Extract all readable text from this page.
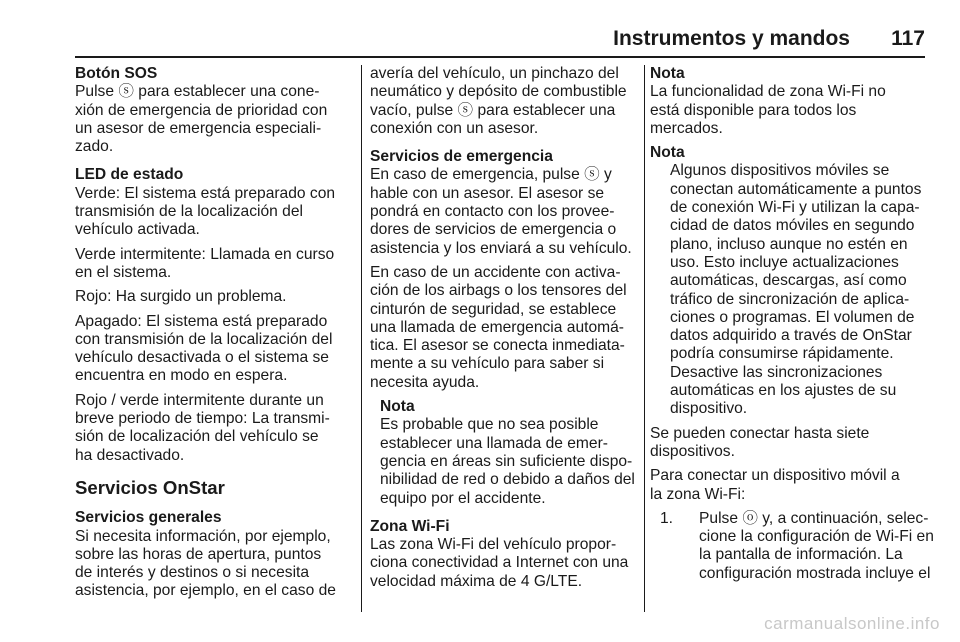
Instrumentos y mandos 117
Botón SOS
Pulse ⓢ para establecer una cone-
xión de emergencia de prioridad con
un asesor de emergencia especiali-
zado.
LED de estado
Verde: El sistema está preparado con
transmisión de la localización del
vehículo activada.
Verde intermitente: Llamada en curso
en el sistema.
Rojo: Ha surgido un problema.
Apagado: El sistema está preparado
con transmisión de la localización del
vehículo desactivada o el sistema se
encuentra en modo en espera.
Rojo / verde intermitente durante un
breve periodo de tiempo: La transmi-
sión de localización del vehículo se
ha desactivado.
Servicios OnStar
Servicios generales
Si necesita información, por ejemplo,
sobre las horas de apertura, puntos
de interés y destinos o si necesita
asistencia, por ejemplo, en el caso de
avería del vehículo, un pinchazo del
neumático y depósito de combustible
vacío, pulse ⓢ para establecer una
conexión con un asesor.
Servicios de emergencia
En caso de emergencia, pulse ⓢ y
hable con un asesor. El asesor se
pondrá en contacto con los provee-
dores de servicios de emergencia o
asistencia y los enviará a su vehículo.
En caso de un accidente con activa-
ción de los airbags o los tensores del
cinturón de seguridad, se establece
una llamada de emergencia automá-
tica. El asesor se conecta inmediata-
mente a su vehículo para saber si
necesita ayuda.
Nota
Es probable que no sea posible
establecer una llamada de emer-
gencia en áreas sin suficiente dispo-
nibilidad de red o debido a daños del
equipo por el accidente.
Zona Wi-Fi
Las zona Wi-Fi del vehículo propor-
ciona conectividad a Internet con una
velocidad máxima de 4 G/LTE.
Nota
La funcionalidad de zona Wi-Fi no
está disponible para todos los
mercados.
Nota
Algunos dispositivos móviles se
conectan automáticamente a puntos
de conexión Wi-Fi y utilizan la capa-
cidad de datos móviles en segundo
plano, incluso aunque no estén en
uso. Esto incluye actualizaciones
automáticas, descargas, así como
tráfico de sincronización de aplica-
ciones o programas. El volumen de
datos adquirido a través de OnStar
podría consumirse rápidamente.
Desactive las sincronizaciones
automáticas en los ajustes de su
dispositivo.
Se pueden conectar hasta siete
dispositivos.
Para conectar un dispositivo móvil a
la zona Wi-Fi:
1. Pulse ⓞ y, a continuación, selec-
cione la configuración de Wi-Fi en
la pantalla de información. La
configuración mostrada incluye el
carmanualsonline.info
